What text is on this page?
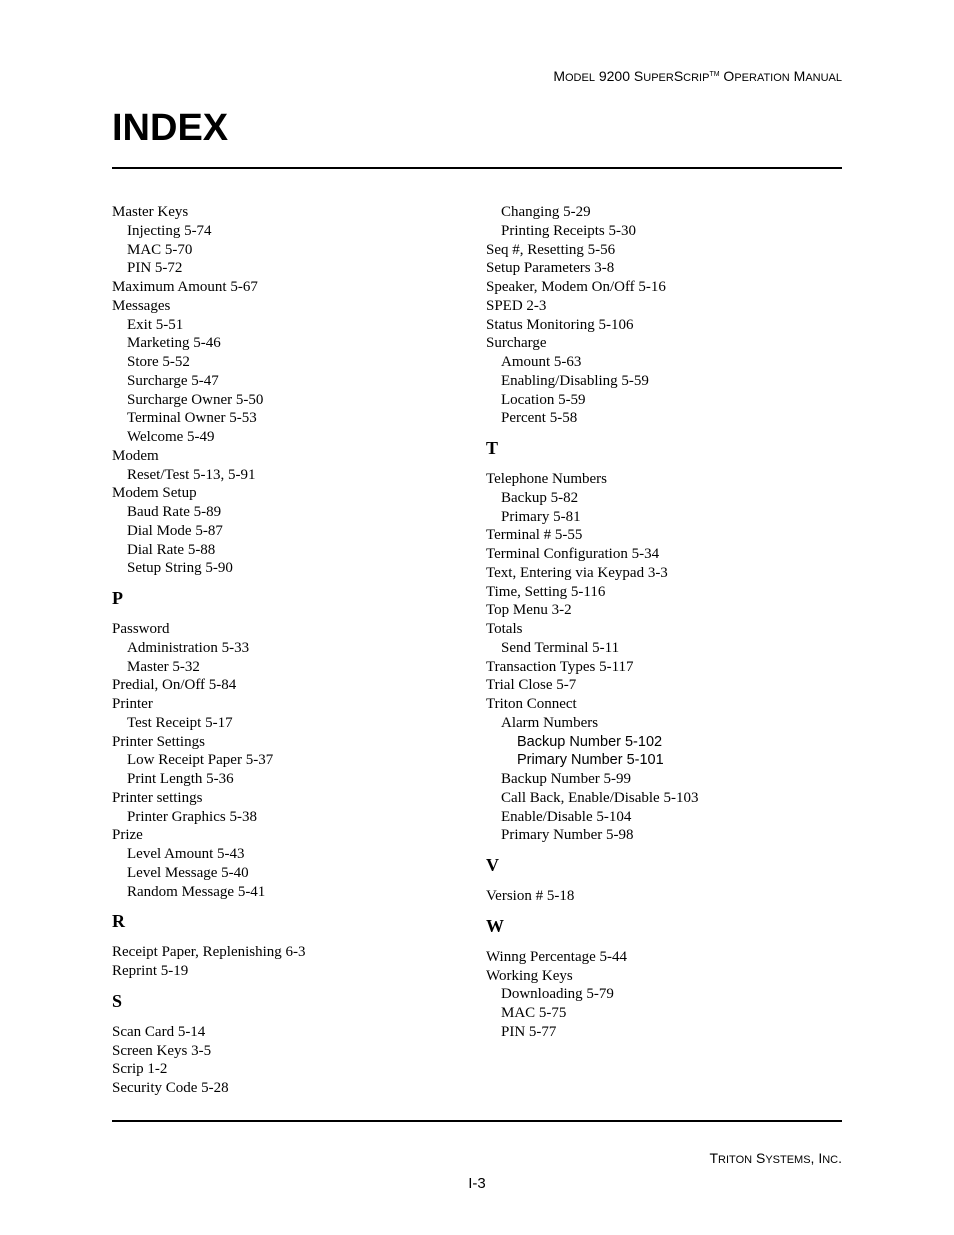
MODEL 9200 SUPERSCRIP™ OPERATION MANUAL
INDEX
Master Keys
Injecting 5-74
MAC 5-70
PIN 5-72
Maximum Amount 5-67
Messages
Exit 5-51
Marketing 5-46
Store 5-52
Surcharge 5-47
Surcharge Owner 5-50
Terminal Owner 5-53
Welcome 5-49
Modem
Reset/Test 5-13, 5-91
Modem Setup
Baud Rate 5-89
Dial Mode 5-87
Dial Rate 5-88
Setup String 5-90
P
Password
Administration 5-33
Master 5-32
Predial, On/Off 5-84
Printer
Test Receipt 5-17
Printer Settings
Low Receipt Paper 5-37
Print Length 5-36
Printer settings
Printer Graphics 5-38
Prize
Level Amount 5-43
Level Message 5-40
Random Message 5-41
R
Receipt Paper, Replenishing 6-3
Reprint 5-19
S
Scan Card 5-14
Screen Keys 3-5
Scrip 1-2
Security Code 5-28
Changing 5-29
Printing Receipts 5-30
Seq #, Resetting 5-56
Setup Parameters 3-8
Speaker, Modem On/Off 5-16
SPED 2-3
Status Monitoring 5-106
Surcharge
Amount 5-63
Enabling/Disabling 5-59
Location 5-59
Percent 5-58
T
Telephone Numbers
Backup 5-82
Primary 5-81
Terminal # 5-55
Terminal Configuration 5-34
Text, Entering via Keypad 3-3
Time, Setting 5-116
Top Menu 3-2
Totals
Send Terminal 5-11
Transaction Types 5-117
Trial Close 5-7
Triton Connect
Alarm Numbers
Backup Number 5-102
Primary Number 5-101
Backup Number 5-99
Call Back, Enable/Disable 5-103
Enable/Disable 5-104
Primary Number 5-98
V
Version # 5-18
W
Winng Percentage 5-44
Working Keys
Downloading 5-79
MAC 5-75
PIN 5-77
TRITON SYSTEMS, INC.
I-3
